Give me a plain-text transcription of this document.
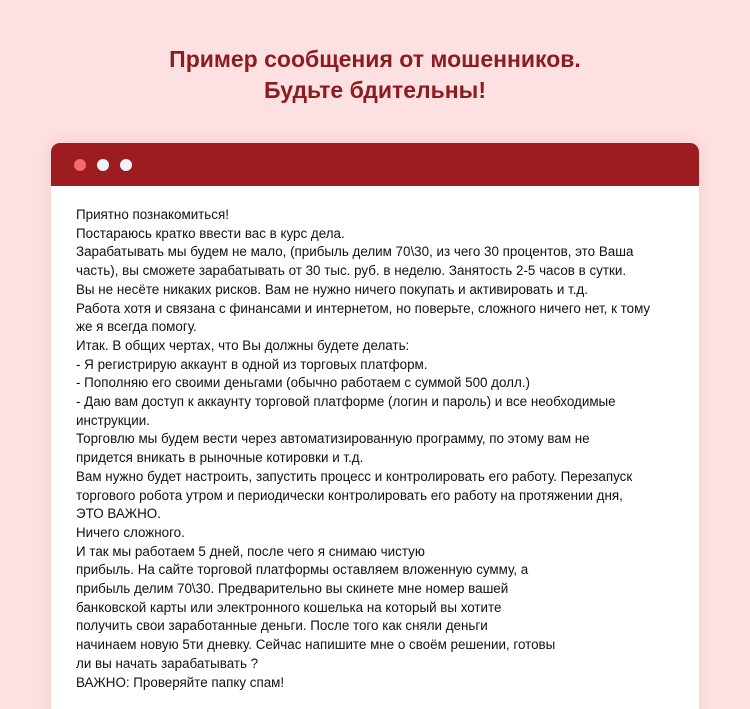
Пример сообщения от мошенников.
Будьте бдительны!

Приятно познакомиться!

Постараюсь кратко ввести вас в курс дела.

Зарабатывать мы будем не мало, (прибыль делим 70\30, из чего 30 процентов, это Ваша

часть), вы сможете зарабатывать от 30 тыс. руб. в неделю. Занятость 2-5 часов в сутки.

Вы не несёте никаких рисков. Вам не нужно ничего покупать и активировать и т.д.

Работа хотя и связана с финансами и интернетом, но поверьте, сложного ничего нет, к тому

же я всегда помогу.

Итак. В общих чертах, что Вы должны будете делать:

- Я регистрирую аккаунт в одной из торговых платформ.

- Пополняю его своими деньгами (обычно работаем с суммой 500 долл.)

- Даю вам доступ к аккаунту торговой платформе (логин и пароль) и все необходимые

инструкции.

Торговлю мы будем вести через автоматизированную программу, по этому вам не

придется вникать в рыночные котировки и т.д.

Вам нужно будет настроить, запустить процесс и контролировать его работу. Перезапуск

торгового робота утром и периодически контролировать его работу на протяжении дня,

ЭТО ВАЖНО.

Ничего сложного.

И так мы работаем 5 дней, после чего я снимаю чистую

прибыль. На сайте торговой платформы оставляем вложенную сумму, а

прибыль делим 70\30. Предварительно вы скинете мне номер вашей

банковской карты или электронного кошелька на который вы хотите

получить свои заработанные деньги. После того как сняли деньги

начинаем новую 5ти дневку. Сейчас напишите мне о своём решении, готовы

ли вы начать зарабатывать ?

ВАЖНО: Проверяйте папку спам!
